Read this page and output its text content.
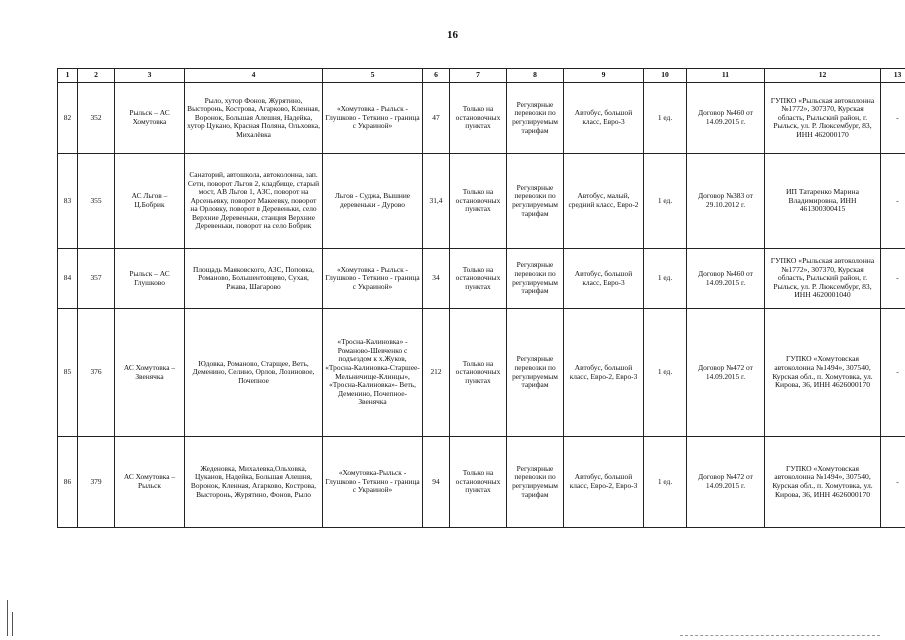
16
1	2	3	4	5	6	7	8	9	10	11	12	13
82	352	Рыльск – АС Хомутовка	Рыло, хутор Фонов, Журятино, Высторонь, Кострова, Агарково, Кленная, Воронок, Большая Алешня, Надейка, хутор Цукано, Красная Поляна, Ольховка, Михалёвка	«Хомутовка - Рыльск - Глушково - Теткино - граница с Украиной»	47	Только на остановочных пунктах	Регулярные перевозки по регулируемым тарифам	Автобус, большой класс, Евро-3	1 ед.	Договор №460 от 14.09.2015 г.	ГУПКО «Рыльская автоколонна №1772», 307370, Курская область, Рыльский район, г. Рыльск, ул. Р. Люксембург, 83, ИНН 462000170	-
83	355	АС Льгов – Ц.Бобрик	Санаторий, автошкола, автоколонна, зап. Сети, поворот Льгов 2, кладбище, старый мост, АВ Льгов 1, АЗС, поворот на Арсеньевку, поворот Макеевку, поворот на Орловку, поворот в Деревеньки, село Верхние Деревеньки, станция Верхние Деревеньки, поворот на село Бобрик	Льгов - Суджа, Вышние деревеньки - Дурово	31,4	Только на остановочных пунктах	Регулярные перевозки по регулируемым тарифам	Автобус, малый, средний класс, Евро-2	1 ед.	Договор №383 от 29.10.2012 г.	ИП Татаренко Марина Владимировна, ИНН 461300300415	-
84	357	Рыльск – АС Глушково	Площадь Маяковского, АЗС, Поповка, Романово, Большентовцево, Сухая, Ржава, Шагарово	«Хомутовка - Рыльск - Глушково - Теткино - граница с Украиной»	34	Только на остановочных пунктах	Регулярные перевозки по регулируемым тарифам	Автобус, большой класс, Евро-3	1 ед.	Договор №460 от 14.09.2015 г.	ГУПКО «Рыльская автоколонна №1772», 307370, Курская область, Рыльский район, г. Рыльск, ул. Р. Люксембург, 83, ИНН 4620001040	-
85	376	АС Хомутовка – Звенячка	Юдовка, Романово, Старщее, Веть, Деменино, Селино, Орлов, Лозиновое, Почепное	«Тросна-Калиновка» - Романово-Шевченко с подъездом к х.Жуков, «Тросна-Калиновка-Старшее-Мельничище-Клинцы», «Тросна-Калиновка»- Веть, Деменино, Почепное-Звенячка	212	Только на остановочных пунктах	Регулярные перевозки по регулируемым тарифам	Автобус, большой класс, Евро-2, Евро-3	1 ед.	Договор №472 от 14.09.2015 г.	ГУПКО «Хомутовская автоколонна №1494», 307540, Курская обл., п. Хомутовка, ул. Кирова, 36, ИНН 4626000170	-
86	379	АС Хомутовка – Рыльск	Жеденовка, Михалевка,Ольховка, Цуканов, Надейка, Большая Алешня, Воронок, Кленная, Агарково, Кострова, Высторонь, Журятино, Фонов, Рыло	«Хомутовка-Рыльск - Глушково - Теткино - граница с Украиной»	94	Только на остановочных пунктах	Регулярные перевозки по регулируемым тарифам	Автобус, большой класс, Евро-2, Евро-3	1 ед.	Договор №472 от 14.09.2015 г.	ГУПКО «Хомутовская автоколонна №1494», 307540, Курская обл., п. Хомутовка, ул. Кирова, 36, ИНН 4626000170	-
